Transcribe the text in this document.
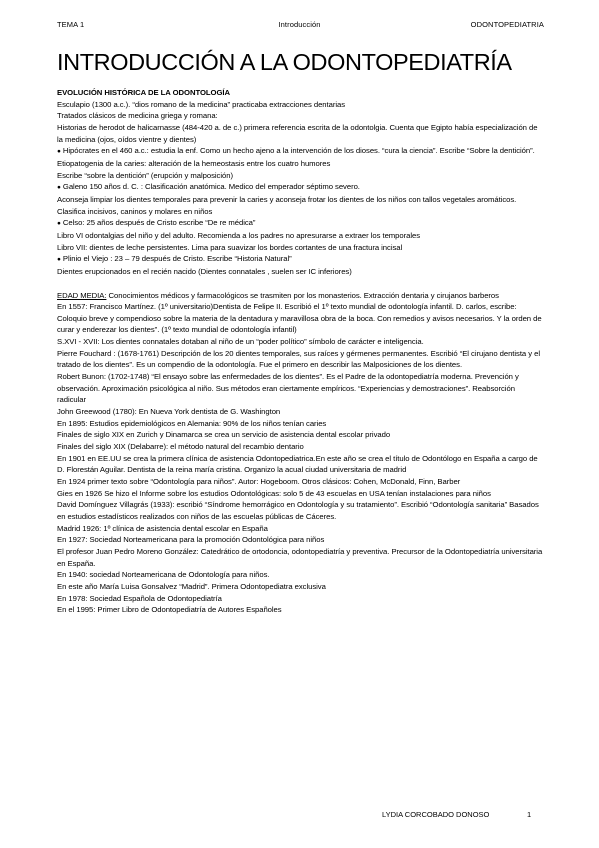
TEMA 1	Introducción	ODONTOPEDIATRIA
INTRODUCCIÓN A LA ODONTOPEDIATRÍA
EVOLUCIÓN HISTÓRICA DE LA ODONTOLOGÍA
Esculapio (1300 a.c.). “dios romano de la medicina” practicaba extracciones dentarias
Tratados clásicos de medicina griega y romana:
Historias de herodot de halicarnasse (484-420 a. de c.) primera referencia escrita de la odontolgia. Cuenta que Egipto había especialización de la medicina (ojos, oídos vientre y dientes)
● Hipócrates en el 460 a.c.: estudia la enf. Como un hecho ajeno a la intervención de los dioses. “cura la ciencia”. Escribe “Sobre la dentición”.
Etiopatogenia de la caries: alteración de la hemeostasis entre los cuatro humores
Escribe “sobre la dentición” (erupción y malposición)
● Galeno 150 años d. C. : Clasificación anatómica. Medico del emperador séptimo severo.
Aconseja limpiar los dientes temporales para prevenir la caries y aconseja frotar los dientes de los niños con tallos vegetales aromáticos. Clasifica incisivos, caninos y molares en niños
● Celso: 25 años después de Cristo escribe “De re médica”
Libro VI odontalgias del niño y del adulto. Recomienda a los padres no apresurarse a extraer los temporales
Libro VII: dientes de leche persistentes. Lima para suavizar los bordes cortantes de una fractura incisal
● Plinio el Viejo : 23 – 79 después de Cristo. Escribe “Historia Natural”
Dientes erupcionados en el recién nacido (Dientes connatales , suelen ser IC inferiores)
EDAD MEDIA: Conocimientos médicos y farmacológicos se trasmiten por los monasterios. Extracción dentaria y cirujanos barberos
En 1557: Francisco Martínez. (1º universitario)Dentista de Felipe II. Escribió el 1º texto mundial de odontología infantil. D. carlos, escribe: Coloquio breve y compendioso sobre la materia de la dentadura y maravillosa obra de la boca. Con remedios y avisos necesarios. Y la orden de curar y enderezar los dientes”. (1º texto mundial de odontología infantil)
S.XVI - XVII: Los dientes connatales dotaban al niño de un “poder político” símbolo de carácter e inteligencia.
Pierre Fouchard : (1678-1761) Descripción de los 20 dientes temporales, sus raíces y gérmenes permanentes. Escribió “El cirujano dentista y el tratado de los dientes”. Es un compendio de la odontología. Fue el primero en describir las Malposiciones de los dientes.
Robert Bunon: (1702-1748) “El ensayo sobre las enfermedades de los dientes”. Es el Padre de la odontopediatría moderna. Prevención y observación. Aproximación psicológica al niño. Sus métodos eran ciertamente empíricos. “Experiencias y demostraciones”. Reabsorción radicular
John Greewood (1780): En Nueva York dentista de G. Washington
En 1895: Estudios epidemiológicos en Alemania: 90% de los niños tenían caries
Finales de siglo XIX en Zurich y Dinamarca se crea un servicio de asistencia dental escolar privado
Finales del siglo XIX (Delabarre): el método natural del recambio dentario
En 1901 en EE.UU se crea la primera clínica de asistencia Odontopediatrica.En este año se crea el título de Odontólogo en España a cargo de D. Florestán Aguilar. Dentista de la reina maría cristina. Organizo la acual ciudad universitaria de madrid
En 1924 primer texto sobre “Odontología para niños”. Autor: Hogeboom. Otros clásicos: Cohen, McDonald, Finn, Barber
Gies en 1926 Se hizo el Informe sobre los estudios Odontológicas: solo 5 de 43 escuelas en USA tenían instalaciones para niños
David Domínguez Villagrás (1933): escribió “Síndrome hemorrágico en Odontología y su tratamiento”. Escribió “Odontología sanitaria” Basados en estudios estadísticos realizados con niños de las escuelas públicas de Cáceres.
Madrid 1926: 1º clínica de asistencia dental escolar en España
En 1927: Sociedad Norteamericana para la promoción Odontológica para niños
El profesor Juan Pedro Moreno González: Catedrático de ortodoncia, odontopediatría y preventiva. Precursor de la Odontopediatría universitaria en España.
En 1940: sociedad Norteamericana de Odontología para niños.
En este año María Luisa Gonsalvez “Madrid”. Primera Odontopediatra exclusiva
En 1978: Sociedad Española de Odontopediatría
En el 1995: Primer Libro de Odontopediatría de Autores Españoles
LYDIA CORCOBADO DONOSO	1
